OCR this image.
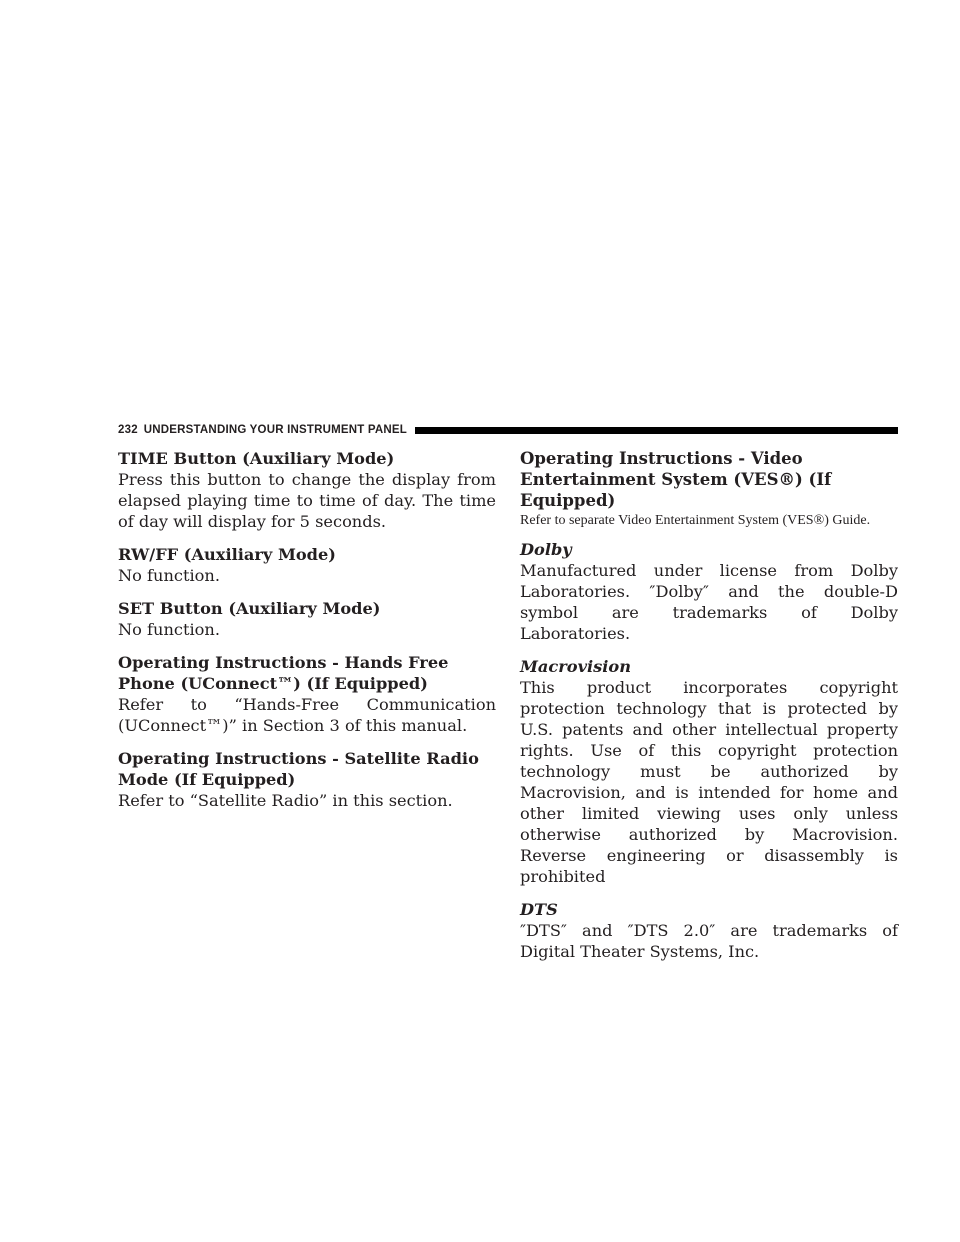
232 UNDERSTANDING YOUR INSTRUMENT PANEL

TIME Button (Auxiliary Mode)

Press this button to change the display from elapsed playing time to time of day. The time of day will display for 5 seconds.

RW/FF (Auxiliary Mode)

No function.

SET Button (Auxiliary Mode)

No function.

Operating Instructions - Hands Free Phone (UConnect™) (If Equipped)

Refer to “Hands-Free Communication (UConnect™)” in Section 3 of this manual.

Operating Instructions - Satellite Radio Mode (If Equipped)

Refer to “Satellite Radio” in this section.

Operating Instructions - Video Entertainment System (VES®) (If Equipped)

Refer to separate Video Entertainment System (VES®) Guide.

Dolby

Manufactured under license from Dolby Laboratories. ″Dolby″ and the double-D symbol are trademarks of Dolby Laboratories.

Macrovision

This product incorporates copyright protection technology that is protected by U.S. patents and other intellectual property rights. Use of this copyright protection technology must be authorized by Macrovision, and is intended for home and other limited viewing uses only unless otherwise authorized by Macrovision. Reverse engineering or disassembly is prohibited

DTS

″DTS″ and ″DTS 2.0″ are trademarks of Digital Theater Systems, Inc.
